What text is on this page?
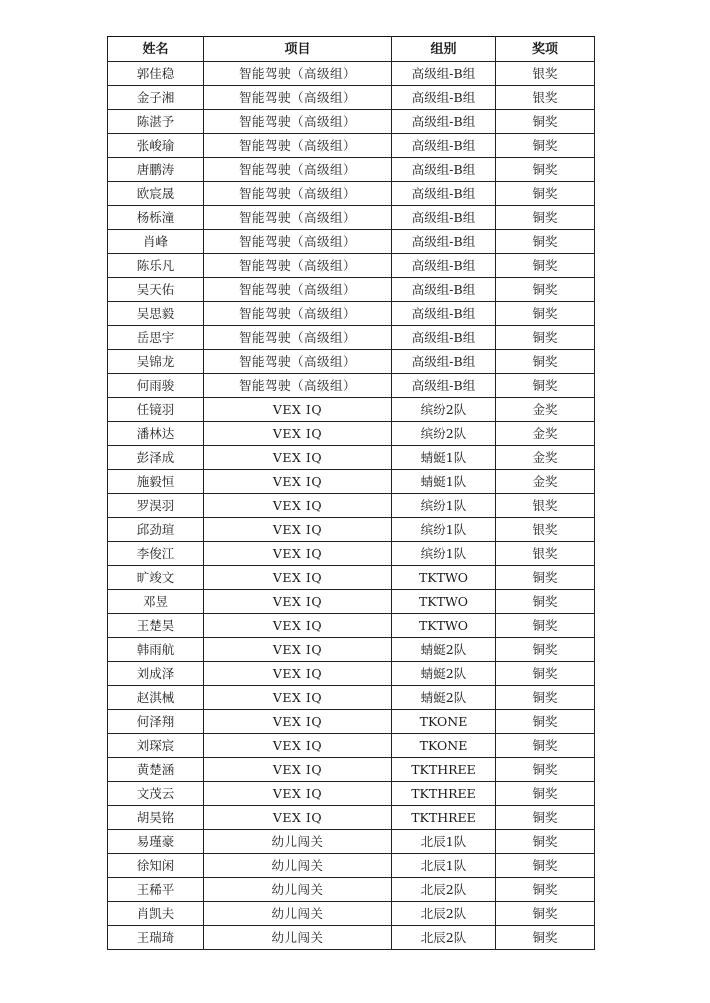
姓名	项目	组别	奖项
郭佳稳	智能驾驶（高级组）	高级组-B组	银奖
金子湘	智能驾驶（高级组）	高级组-B组	银奖
陈湛予	智能驾驶（高级组）	高级组-B组	铜奖
张峻瑜	智能驾驶（高级组）	高级组-B组	铜奖
唐鹏涛	智能驾驶（高级组）	高级组-B组	铜奖
欧宸晟	智能驾驶（高级组）	高级组-B组	铜奖
杨栎潼	智能驾驶（高级组）	高级组-B组	铜奖
肖峰	智能驾驶（高级组）	高级组-B组	铜奖
陈乐凡	智能驾驶（高级组）	高级组-B组	铜奖
吴天佑	智能驾驶（高级组）	高级组-B组	铜奖
吴思毅	智能驾驶（高级组）	高级组-B组	铜奖
岳思宇	智能驾驶（高级组）	高级组-B组	铜奖
吴锦龙	智能驾驶（高级组）	高级组-B组	铜奖
何雨骏	智能驾驶（高级组）	高级组-B组	铜奖
任镜羽	VEX IQ	缤纷2队	金奖
潘林达	VEX IQ	缤纷2队	金奖
彭泽成	VEX IQ	蜻蜓1队	金奖
施毅恒	VEX IQ	蜻蜓1队	金奖
罗淏羽	VEX IQ	缤纷1队	银奖
邱劲瑄	VEX IQ	缤纷1队	银奖
李俊江	VEX IQ	缤纷1队	银奖
旷竣文	VEX IQ	TKTWO	铜奖
邓昱	VEX IQ	TKTWO	铜奖
王楚昊	VEX IQ	TKTWO	铜奖
韩雨航	VEX IQ	蜻蜓2队	铜奖
刘成泽	VEX IQ	蜻蜓2队	铜奖
赵淇械	VEX IQ	蜻蜓2队	铜奖
何泽翔	VEX IQ	TKONE	铜奖
刘琛宸	VEX IQ	TKONE	铜奖
黄楚涵	VEX IQ	TKTHREE	铜奖
文茂云	VEX IQ	TKTHREE	铜奖
胡昊铭	VEX IQ	TKTHREE	铜奖
易瑾豪	幼儿闯关	北辰1队	铜奖
徐知闲	幼儿闯关	北辰1队	铜奖
王稀平	幼儿闯关	北辰2队	铜奖
肖凯夫	幼儿闯关	北辰2队	铜奖
王瑞琦	幼儿闯关	北辰2队	铜奖
